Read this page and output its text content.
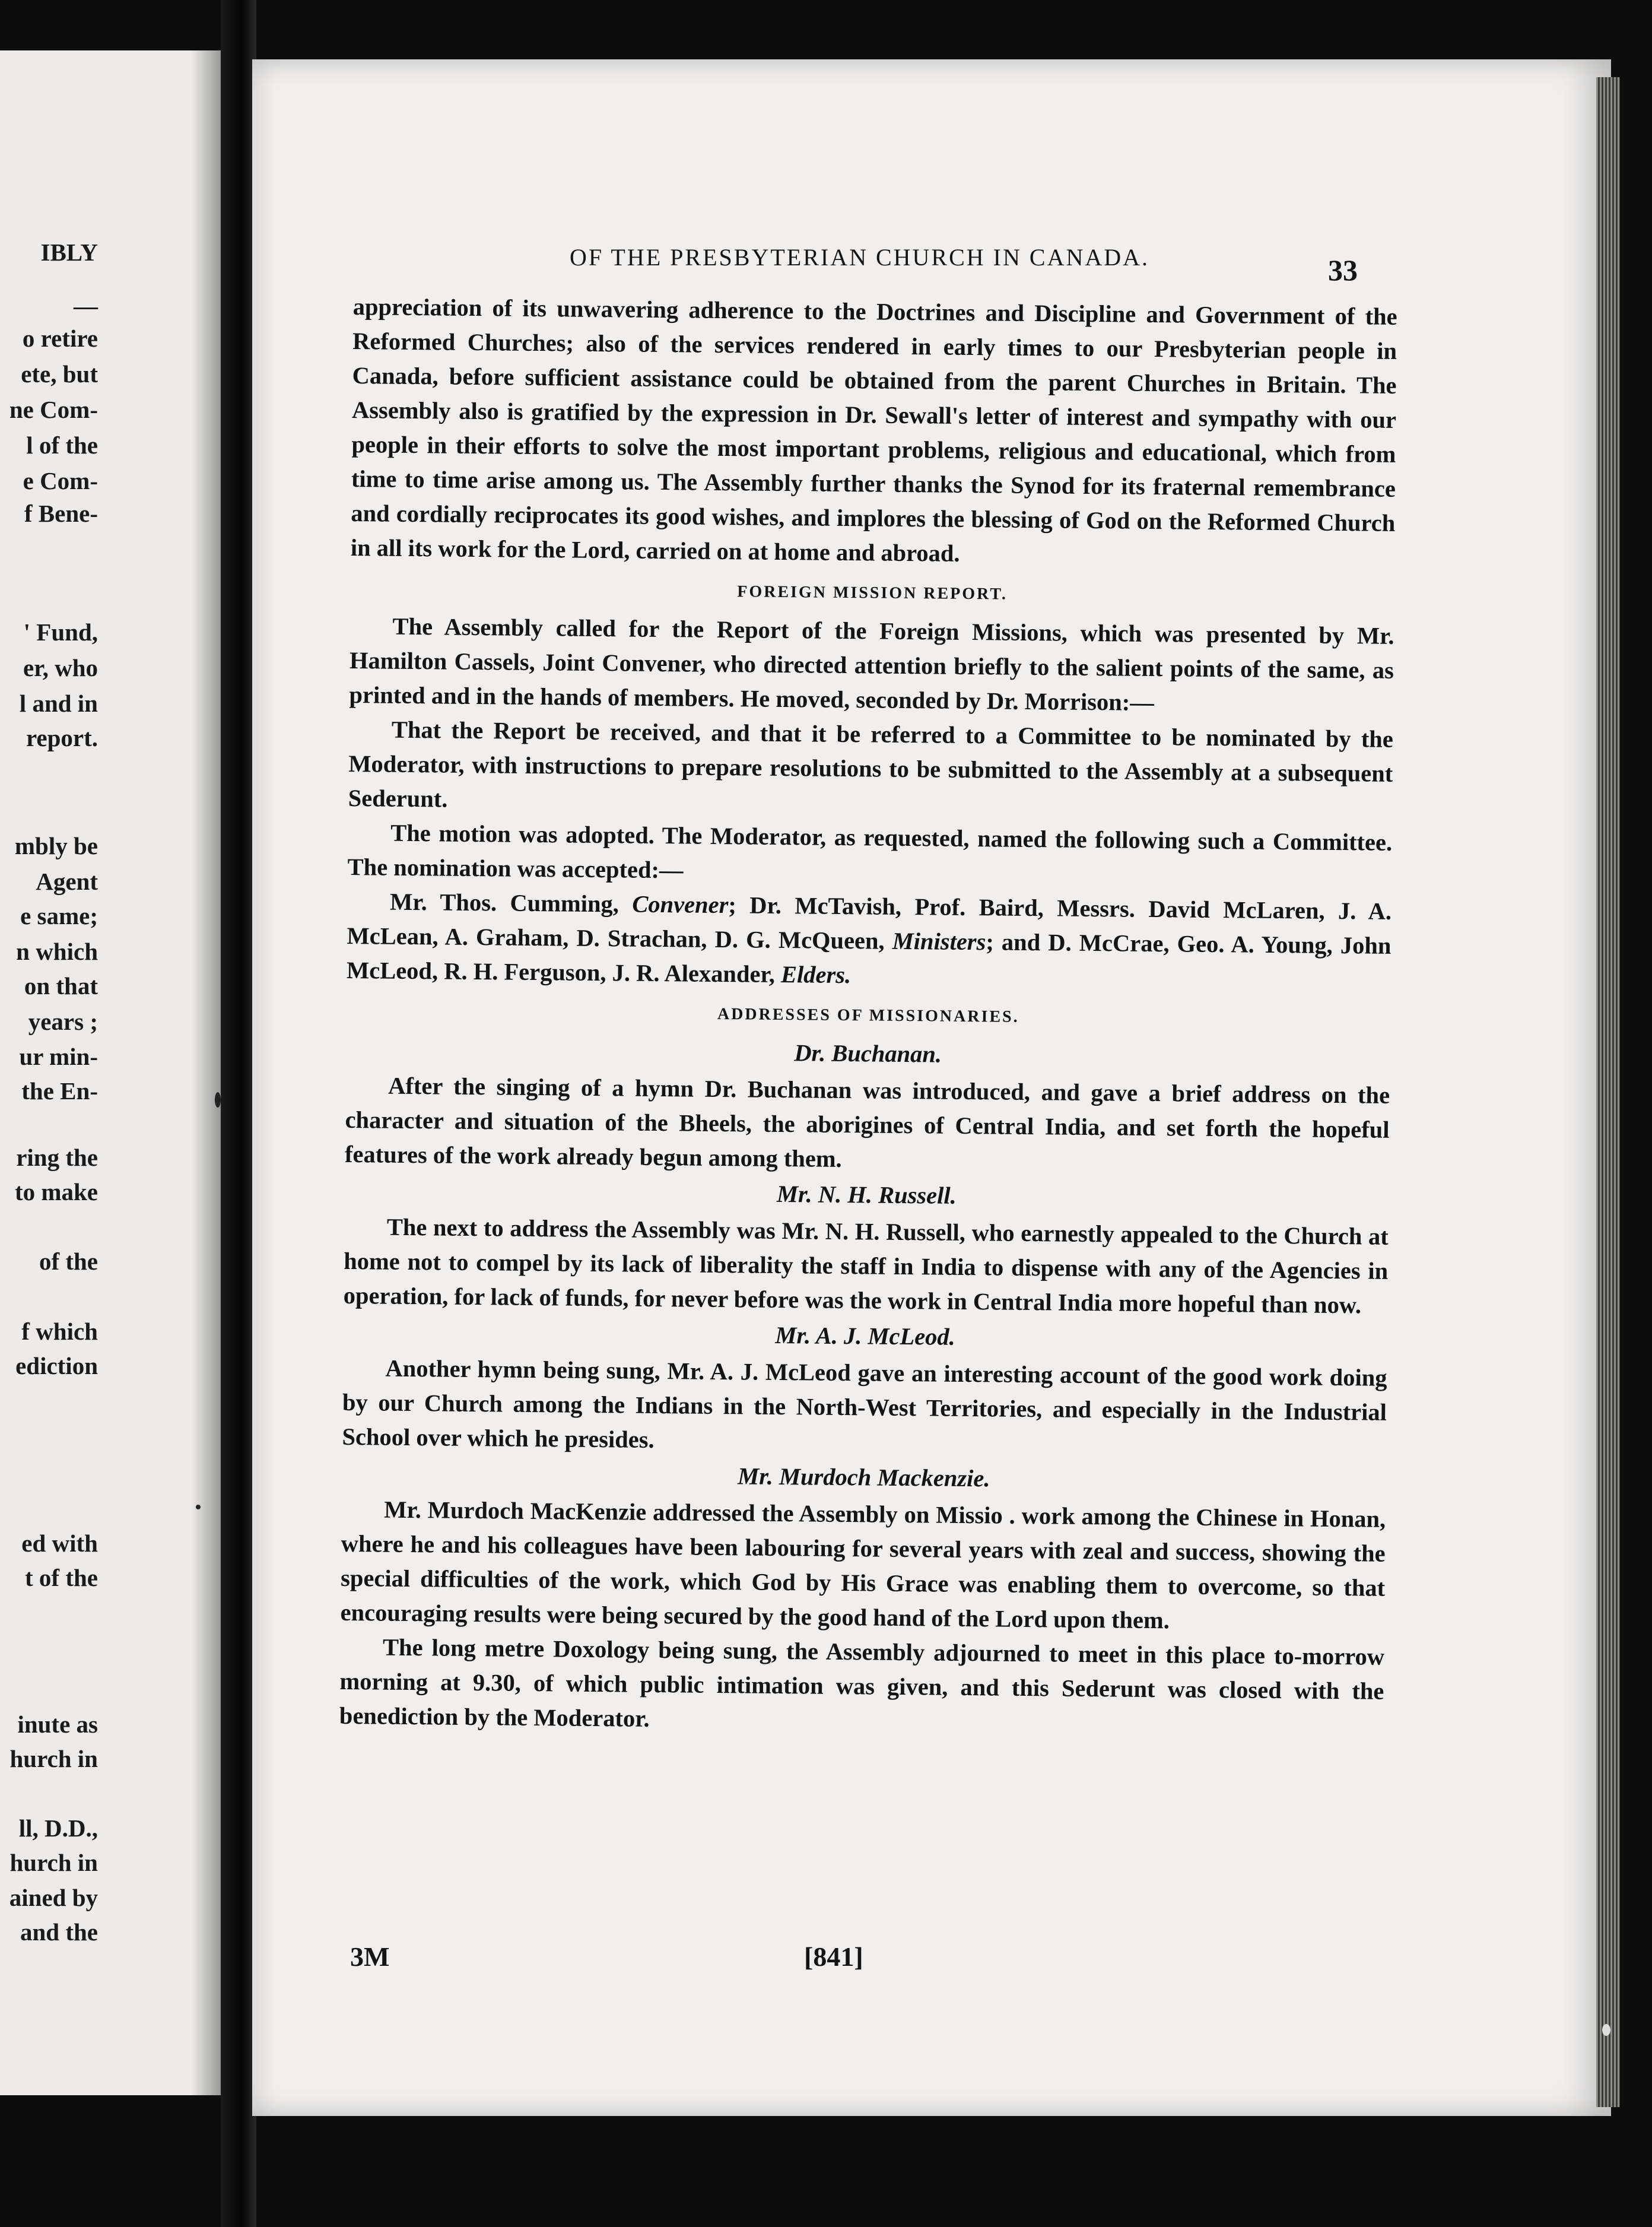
IBLY
—
o retire
ete, but
ne Com-
l of the
e Com-
f Bene-
' Fund,
er, who
l and in
report.
mbly be
Agent
e same;
n which
on that
years ;
ur min-
the En-
ring the
to make
of the
f which
ediction
ed with
t of the
inute as
hurch in
ll, D.D.,
hurch in
ained by
and the
OF THE PRESBYTERIAN CHURCH IN CANADA.	33

appreciation of its unwavering adherence to the Doctrines and Discipline and Government of the Reformed Churches; also of the services rendered in early times to our Presbyterian people in Canada, before sufficient assistance could be obtained from the parent Churches in Britain. The Assembly also is gratified by the expression in Dr. Sewall's letter of interest and sympathy with our people in their efforts to solve the most important problems, religious and educational, which from time to time arise among us. The Assembly further thanks the Synod for its fraternal remembrance and cordially reciprocates its good wishes, and implores the blessing of God on the Reformed Church in all its work for the Lord, carried on at home and abroad.

FOREIGN MISSION REPORT.

The Assembly called for the Report of the Foreign Missions, which was presented by Mr. Hamilton Cassels, Joint Convener, who directed attention briefly to the salient points of the same, as printed and in the hands of members. He moved, seconded by Dr. Morrison:—

That the Report be received, and that it be referred to a Committee to be nominated by the Moderator, with instructions to prepare resolutions to be submitted to the Assembly at a subsequent Sederunt.

The motion was adopted. The Moderator, as requested, named the following such a Committee. The nomination was accepted:—

Mr. Thos. Cumming, Convener; Dr. McTavish, Prof. Baird, Messrs. David McLaren, J. A. McLean, A. Graham, D. Strachan, D. G. McQueen, Ministers; and D. McCrae, Geo. A. Young, John McLeod, R. H. Ferguson, J. R. Alexander, Elders.

ADDRESSES OF MISSIONARIES.

Dr. Buchanan.

After the singing of a hymn Dr. Buchanan was introduced, and gave a brief address on the character and situation of the Bheels, the aborigines of Central India, and set forth the hopeful features of the work already begun among them.

Mr. N. H. Russell.

The next to address the Assembly was Mr. N. H. Russell, who earnestly appealed to the Church at home not to compel by its lack of liberality the staff in India to dispense with any of the Agencies in operation, for lack of funds, for never before was the work in Central India more hopeful than now.

Mr. A. J. McLeod.

Another hymn being sung, Mr. A. J. McLeod gave an interesting account of the good work doing by our Church among the Indians in the North-West Territories, and especially in the Industrial School over which he presides.

Mr. Murdoch Mackenzie.

Mr. Murdoch MacKenzie addressed the Assembly on Missio . work among the Chinese in Honan, where he and his colleagues have been labouring for several years with zeal and success, showing the special difficulties of the work, which God by His Grace was enabling them to overcome, so that encouraging results were being secured by the good hand of the Lord upon them.

The long metre Doxology being sung, the Assembly adjourned to meet in this place to-morrow morning at 9.30, of which public intimation was given, and this Sederunt was closed with the benediction by the Moderator.

3M	[841]
